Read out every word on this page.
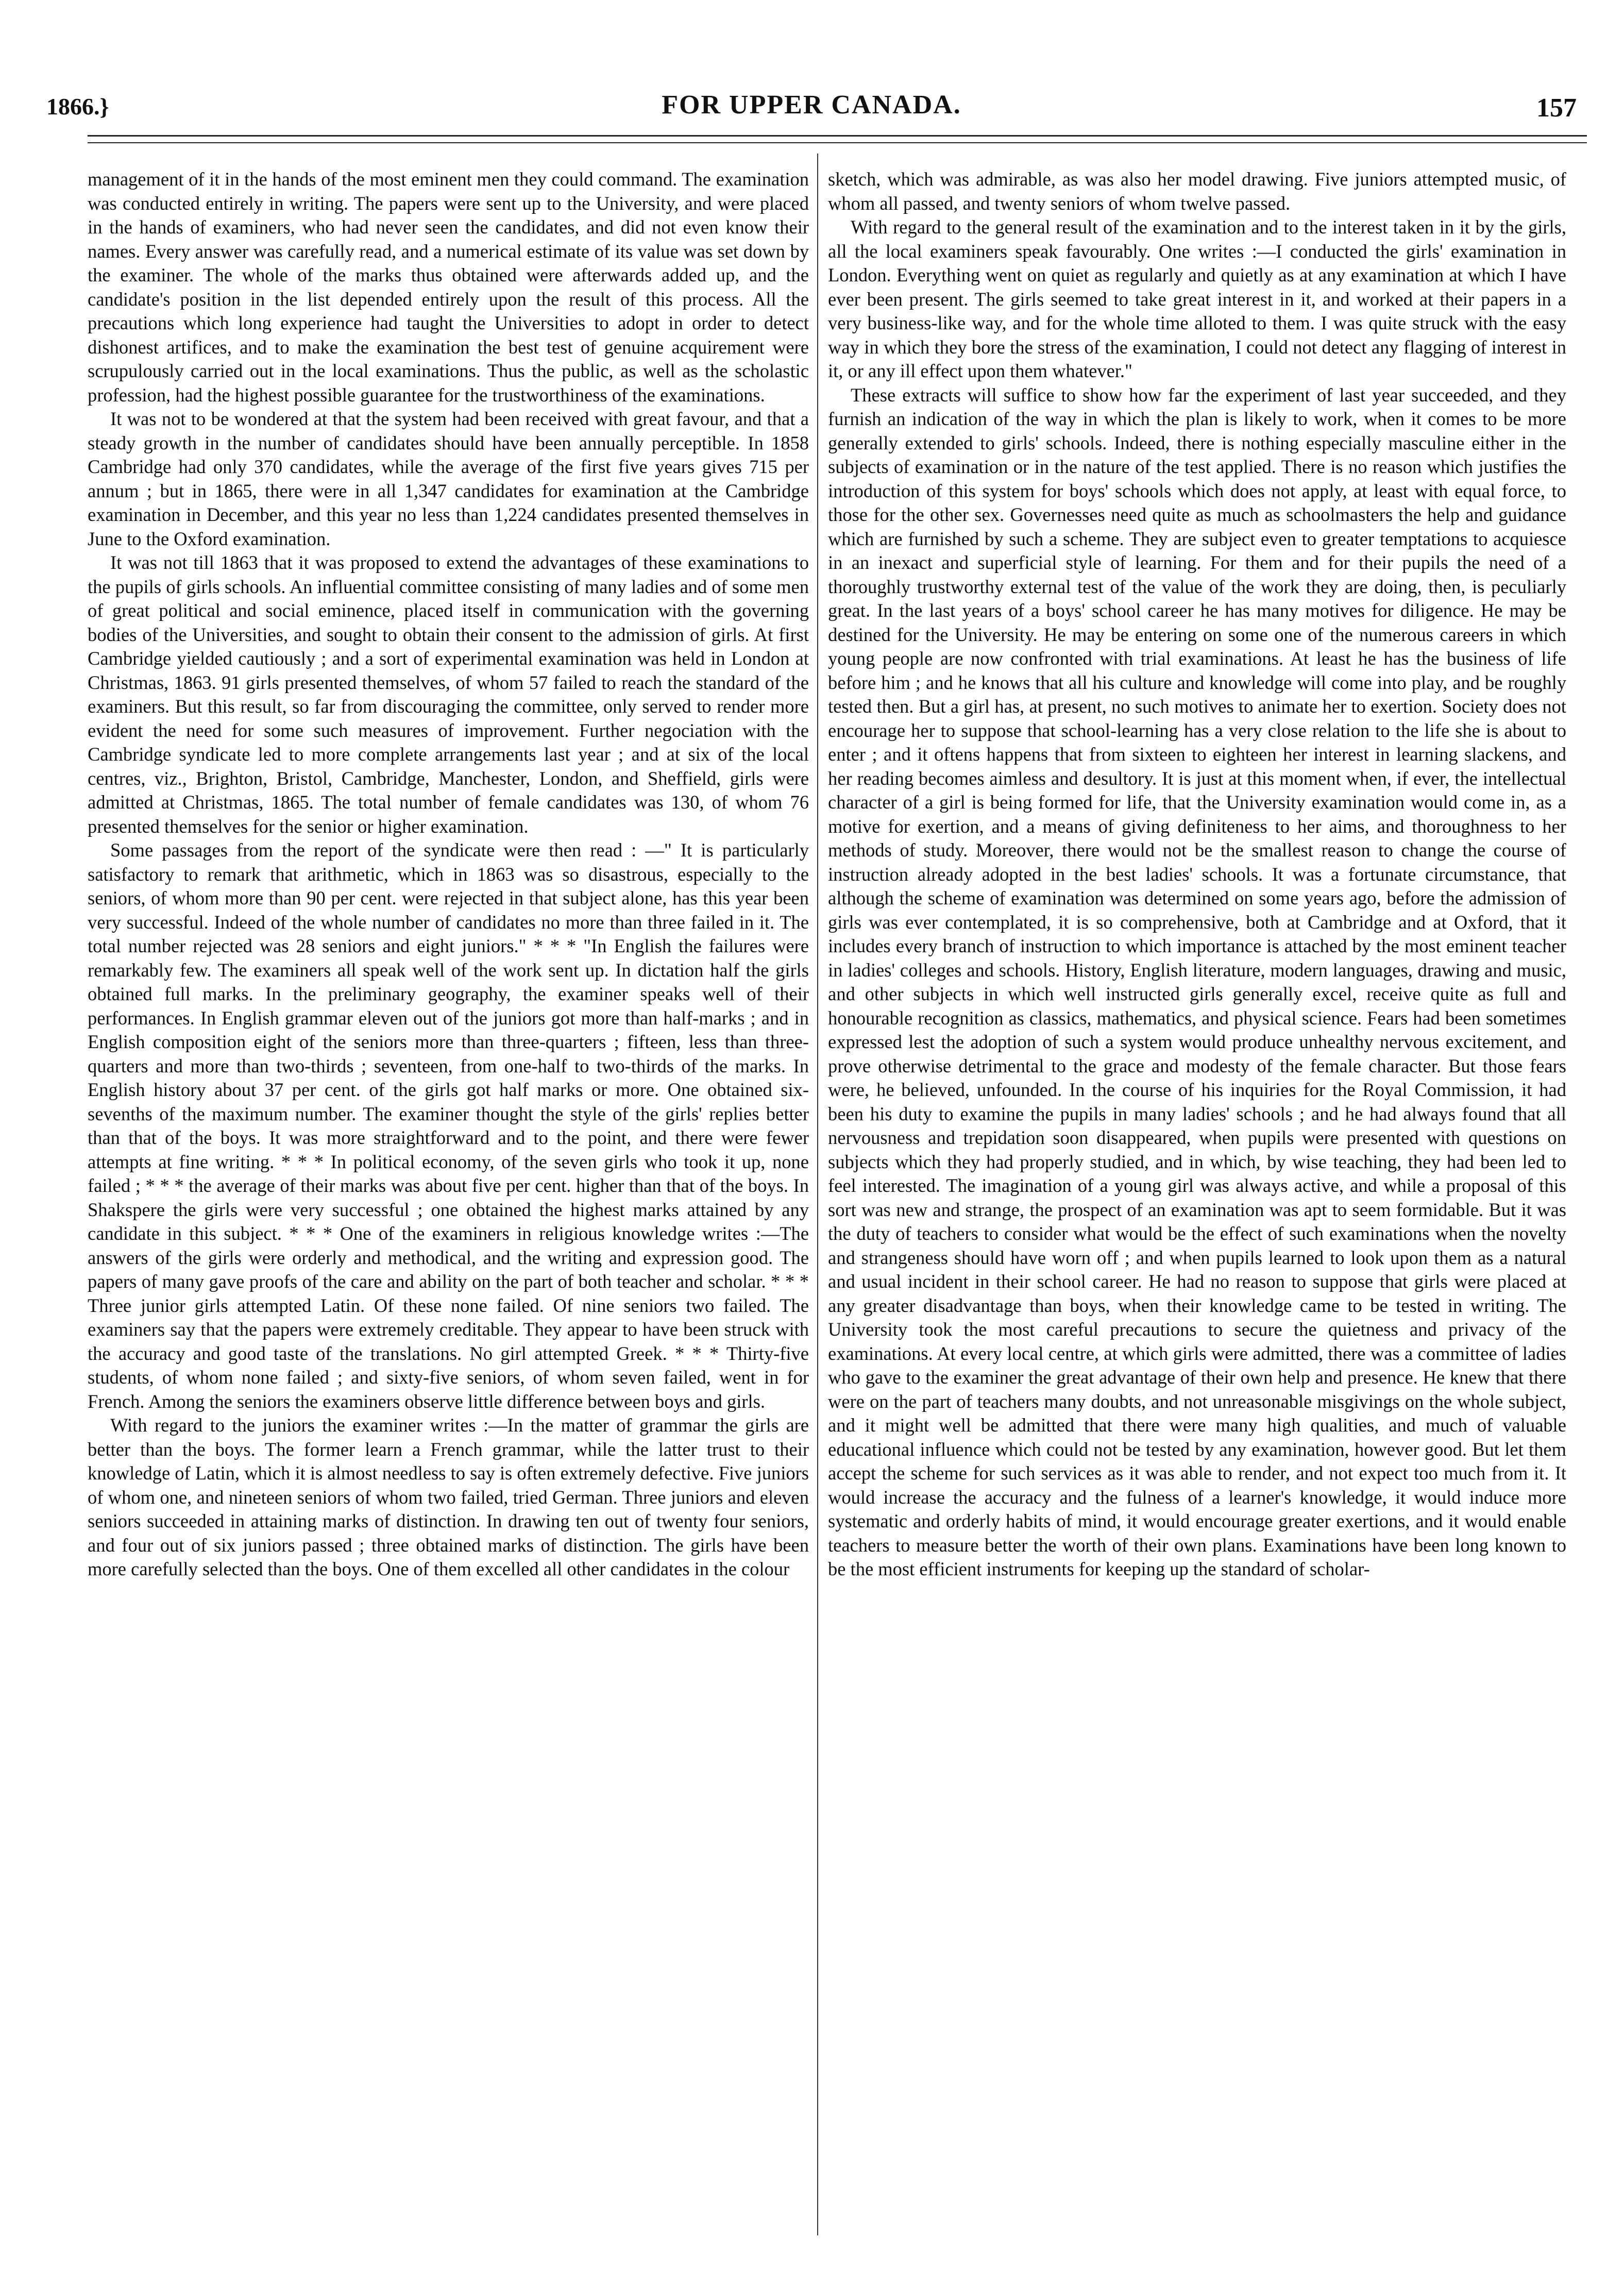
1866.}	FOR UPPER CANADA.	157

management of it in the hands of the most eminent men they could command. The examination was conducted entirely in writing. The papers were sent up to the University, and were placed in the hands of examiners, who had never seen the candidates, and did not even know their names. Every answer was carefully read, and a numerical estimate of its value was set down by the examiner. The whole of the marks thus obtained were afterwards added up, and the candidate's position in the list depended entirely upon the result of this process. All the precautions which long experience had taught the Universities to adopt in order to detect dishonest artifices, and to make the examination the best test of genuine acquirement were scrupulously carried out in the local examinations. Thus the public, as well as the scholastic profession, had the highest possible guarantee for the trustworthiness of the examinations.

It was not to be wondered at that the system had been received with great favour, and that a steady growth in the number of candidates should have been annually perceptible. In 1858 Cambridge had only 370 candidates, while the average of the first five years gives 715 per annum ; but in 1865, there were in all 1,347 candidates for examination at the Cambridge examination in December, and this year no less than 1,224 candidates presented themselves in June to the Oxford examination.

It was not till 1863 that it was proposed to extend the advantages of these examinations to the pupils of girls schools. An influential committee consisting of many ladies and of some men of great political and social eminence, placed itself in communication with the governing bodies of the Universities, and sought to obtain their consent to the admission of girls. At first Cambridge yielded cautiously ; and a sort of experimental examination was held in London at Christmas, 1863. 91 girls presented themselves, of whom 57 failed to reach the standard of the examiners. But this result, so far from discouraging the committee, only served to render more evident the need for some such measures of improvement. Further negociation with the Cambridge syndicate led to more complete arrangements last year ; and at six of the local centres, viz., Brighton, Bristol, Cambridge, Manchester, London, and Sheffield, girls were admitted at Christmas, 1865. The total number of female candidates was 130, of whom 76 presented themselves for the senior or higher examination.

Some passages from the report of the syndicate were then read : —" It is particularly satisfactory to remark that arithmetic, which in 1863 was so disastrous, especially to the seniors, of whom more than 90 per cent. were rejected in that subject alone, has this year been very successful. Indeed of the whole number of candidates no more than three failed in it. The total number rejected was 28 seniors and eight juniors." * * * "In English the failures were remarkably few. The examiners all speak well of the work sent up. In dictation half the girls obtained full marks. In the preliminary geography, the examiner speaks well of their performances. In English grammar eleven out of the juniors got more than half-marks ; and in English composition eight of the seniors more than three-quarters ; fifteen, less than three-quarters and more than two-thirds ; seventeen, from one-half to two-thirds of the marks. In English history about 37 per cent. of the girls got half marks or more. One obtained six-sevenths of the maximum number. The examiner thought the style of the girls' replies better than that of the boys. It was more straightforward and to the point, and there were fewer attempts at fine writing. * * * In political economy, of the seven girls who took it up, none failed ; * * * the average of their marks was about five per cent. higher than that of the boys. In Shakspere the girls were very successful ; one obtained the highest marks attained by any candidate in this subject. * * * One of the examiners in religious knowledge writes :—The answers of the girls were orderly and methodical, and the writing and expression good. The papers of many gave proofs of the care and ability on the part of both teacher and scholar. * * * Three junior girls attempted Latin. Of these none failed. Of nine seniors two failed. The examiners say that the papers were extremely creditable. They appear to have been struck with the accuracy and good taste of the translations. No girl attempted Greek. * * * Thirty-five students, of whom none failed ; and sixty-five seniors, of whom seven failed, went in for French. Among the seniors the examiners observe little difference between boys and girls.

With regard to the juniors the examiner writes :—In the matter of grammar the girls are better than the boys. The former learn a French grammar, while the latter trust to their knowledge of Latin, which it is almost needless to say is often extremely defective. Five juniors of whom one, and nineteen seniors of whom two failed, tried German. Three juniors and eleven seniors succeeded in attaining marks of distinction. In drawing ten out of twenty four seniors, and four out of six juniors passed ; three obtained marks of distinction. The girls have been more carefully selected than the boys. One of them excelled all other candidates in the colour

sketch, which was admirable, as was also her model drawing. Five juniors attempted music, of whom all passed, and twenty seniors of whom twelve passed.

With regard to the general result of the examination and to the interest taken in it by the girls, all the local examiners speak favourably. One writes :—I conducted the girls' examination in London. Everything went on quiet as regularly and quietly as at any examination at which I have ever been present. The girls seemed to take great interest in it, and worked at their papers in a very business-like way, and for the whole time alloted to them. I was quite struck with the easy way in which they bore the stress of the examination, I could not detect any flagging of interest in it, or any ill effect upon them whatever."

These extracts will suffice to show how far the experiment of last year succeeded, and they furnish an indication of the way in which the plan is likely to work, when it comes to be more generally extended to girls' schools. Indeed, there is nothing especially masculine either in the subjects of examination or in the nature of the test applied. There is no reason which justifies the introduction of this system for boys' schools which does not apply, at least with equal force, to those for the other sex. Governesses need quite as much as schoolmasters the help and guidance which are furnished by such a scheme. They are subject even to greater temptations to acquiesce in an inexact and superficial style of learning. For them and for their pupils the need of a thoroughly trustworthy external test of the value of the work they are doing, then, is peculiarly great. In the last years of a boys' school career he has many motives for diligence. He may be destined for the University. He may be entering on some one of the numerous careers in which young people are now confronted with trial examinations. At least he has the business of life before him ; and he knows that all his culture and knowledge will come into play, and be roughly tested then. But a girl has, at present, no such motives to animate her to exertion. Society does not encourage her to suppose that school-learning has a very close relation to the life she is about to enter ; and it oftens happens that from sixteen to eighteen her interest in learning slackens, and her reading becomes aimless and desultory. It is just at this moment when, if ever, the intellectual character of a girl is being formed for life, that the University examination would come in, as a motive for exertion, and a means of giving definiteness to her aims, and thoroughness to her methods of study. Moreover, there would not be the smallest reason to change the course of instruction already adopted in the best ladies' schools. It was a fortunate circumstance, that although the scheme of examination was determined on some years ago, before the admission of girls was ever contemplated, it is so comprehensive, both at Cambridge and at Oxford, that it includes every branch of instruction to which importance is attached by the most eminent teacher in ladies' colleges and schools. History, English literature, modern languages, drawing and music, and other subjects in which well instructed girls generally excel, receive quite as full and honourable recognition as classics, mathematics, and physical science. Fears had been sometimes expressed lest the adoption of such a system would produce unhealthy nervous excitement, and prove otherwise detrimental to the grace and modesty of the female character. But those fears were, he believed, unfounded. In the course of his inquiries for the Royal Commission, it had been his duty to examine the pupils in many ladies' schools ; and he had always found that all nervousness and trepidation soon disappeared, when pupils were presented with questions on subjects which they had properly studied, and in which, by wise teaching, they had been led to feel interested. The imagination of a young girl was always active, and while a proposal of this sort was new and strange, the prospect of an examination was apt to seem formidable. But it was the duty of teachers to consider what would be the effect of such examinations when the novelty and strangeness should have worn off ; and when pupils learned to look upon them as a natural and usual incident in their school career. He had no reason to suppose that girls were placed at any greater disadvantage than boys, when their knowledge came to be tested in writing. The University took the most careful precautions to secure the quietness and privacy of the examinations. At every local centre, at which girls were admitted, there was a committee of ladies who gave to the examiner the great advantage of their own help and presence. He knew that there were on the part of teachers many doubts, and not unreasonable misgivings on the whole subject, and it might well be admitted that there were many high qualities, and much of valuable educational influence which could not be tested by any examination, however good. But let them accept the scheme for such services as it was able to render, and not expect too much from it. It would increase the accuracy and the fulness of a learner's knowledge, it would induce more systematic and orderly habits of mind, it would encourage greater exertions, and it would enable teachers to measure better the worth of their own plans. Examinations have been long known to be the most efficient instruments for keeping up the standard of scholar-
